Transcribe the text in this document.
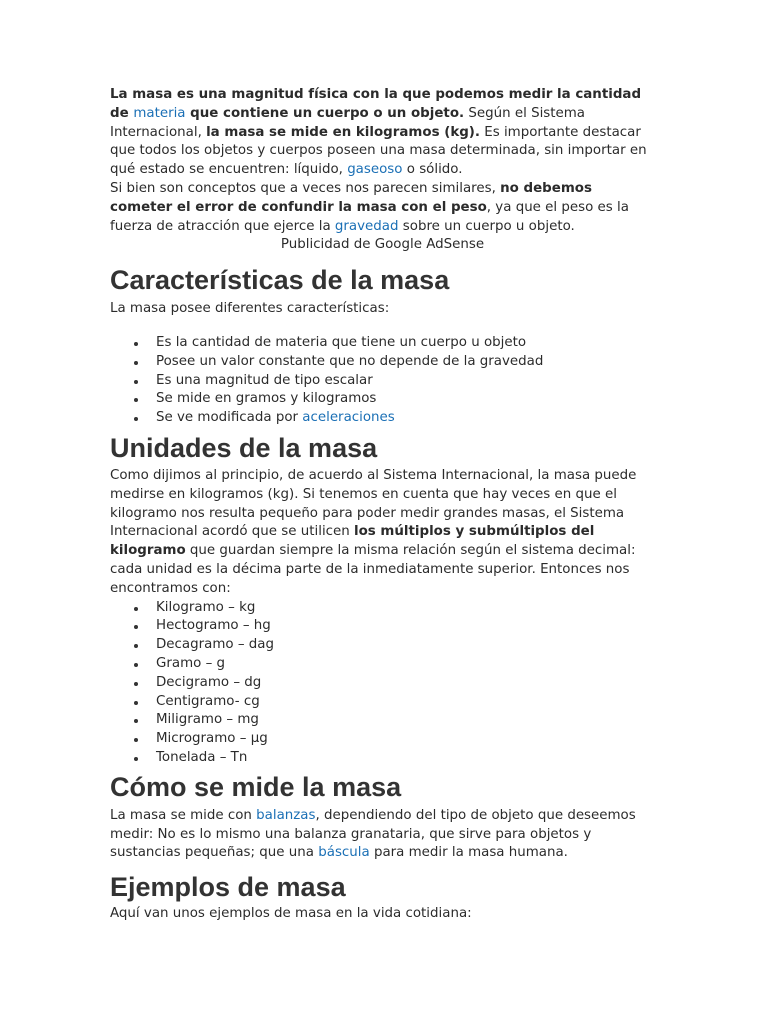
La masa es una magnitud física con la que podemos medir la cantidad de materia que contiene un cuerpo o un objeto. Según el Sistema Internacional, la masa se mide en kilogramos (kg). Es importante destacar que todos los objetos y cuerpos poseen una masa determinada, sin importar en qué estado se encuentren: líquido, gaseoso o sólido.

Si bien son conceptos que a veces nos parecen similares, no debemos cometer el error de confundir la masa con el peso, ya que el peso es la fuerza de atracción que ejerce la gravedad sobre un cuerpo u objeto.

Publicidad de Google AdSense
Características de la masa

La masa posee diferentes características:

Es la cantidad de materia que tiene un cuerpo u objeto
Posee un valor constante que no depende de la gravedad
Es una magnitud de tipo escalar
Se mide en gramos y kilogramos
Se ve modificada por aceleraciones
Unidades de la masa

Como dijimos al principio, de acuerdo al Sistema Internacional, la masa puede medirse en kilogramos (kg). Si tenemos en cuenta que hay veces en que el kilogramo nos resulta pequeño para poder medir grandes masas, el Sistema Internacional acordó que se utilicen los múltiplos y submúltiplos del kilogramo que guardan siempre la misma relación según el sistema decimal: cada unidad es la décima parte de la inmediatamente superior. Entonces nos encontramos con:

Kilogramo – kg
Hectogramo – hg
Decagramo – dag
Gramo – g
Decigramo – dg
Centigramo- cg
Miligramo – mg
Microgramo – µg
Tonelada – Tn
Cómo se mide la masa

La masa se mide con balanzas, dependiendo del tipo de objeto que deseemos medir: No es lo mismo una balanza granataria, que sirve para objetos y sustancias pequeñas; que una báscula para medir la masa humana.

Ejemplos de masa

Aquí van unos ejemplos de masa en la vida cotidiana:
